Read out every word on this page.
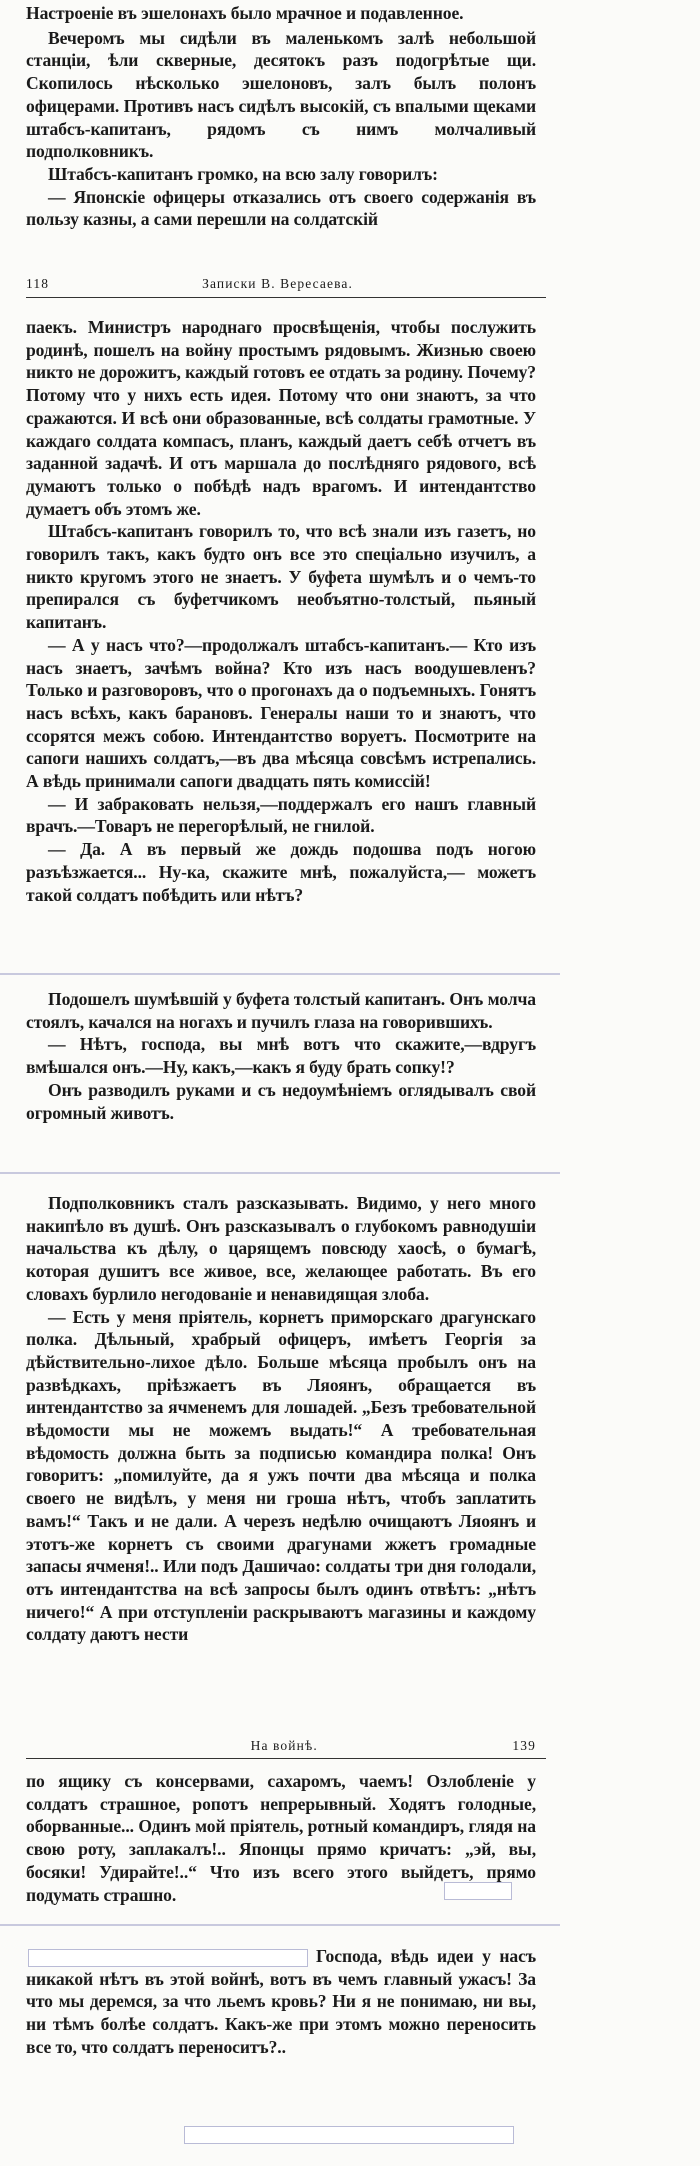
Настроеніе въ эшелонахъ было мрачное и подавленное.

Вечеромъ мы сидѣли въ маленькомъ залѣ небольшой станціи, ѣли скверные, десятокъ разъ подогрѣтые щи. Скопилось нѣсколько эшелоновъ, залъ былъ полонъ офицерами. Противъ насъ сидѣлъ высокій, съ впалыми щеками штабсъ-капитанъ, рядомъ съ нимъ молчаливый подполковникъ.

Штабсъ-капитанъ громко, на всю залу говорилъ:

— Японскіе офицеры отказались отъ своего содержанія въ пользу казны, а сами перешли на солдатскій

118	Записки В. Вересаева.

паекъ. Министръ народнаго просвѣщенія, чтобы послужить родинѣ, пошелъ на войну простымъ рядовымъ. Жизнью своею никто не дорожитъ, каждый готовъ ее отдать за родину. Почему? Потому что у нихъ есть идея. Потому что они знаютъ, за что сражаются. И всѣ они образованные, всѣ солдаты грамотные. У каждаго солдата компасъ, планъ, каждый даетъ себѣ отчетъ въ заданной задачѣ. И отъ маршала до послѣдняго рядового, всѣ думаютъ только о побѣдѣ надъ врагомъ. И интендантство думаетъ объ этомъ же.

Штабсъ-капитанъ говорилъ то, что всѣ знали изъ газетъ, но говорилъ такъ, какъ будто онъ все это спеціально изучилъ, а никто кругомъ этого не знаетъ. У буфета шумѣлъ и о чемъ-то препирался съ буфетчикомъ необъятно-толстый, пьяный капитанъ.

— А у насъ что?—продолжалъ штабсъ-капитанъ.— Кто изъ насъ знаетъ, зачѣмъ война? Кто изъ насъ воодушевленъ? Только и разговоровъ, что о прогонахъ да о подъемныхъ. Гонятъ насъ всѣхъ, какъ барановъ. Генералы наши то и знаютъ, что ссорятся межъ собою. Интендантство воруетъ. Посмотрите на сапоги нашихъ солдатъ,—въ два мѣсяца совсѣмъ истрепались. А вѣдь принимали сапоги двадцать пять комиссій!

— И забраковать нельзя,—поддержалъ его нашъ главный врачъ.—Товаръ не перегорѣлый, не гнилой.

— Да. А въ первый же дождь подошва подъ ногою разъѣзжается... Ну-ка, скажите мнѣ, пожалуйста,— можетъ такой солдатъ побѣдить или нѣтъ?

Подошелъ шумѣвшій у буфета толстый капитанъ. Онъ молча стоялъ, качался на ногахъ и пучилъ глаза на говорившихъ.

— Нѣтъ, господа, вы мнѣ вотъ что скажите,—вдругъ вмѣшался онъ.—Ну, какъ,—какъ я буду брать сопку!?

Онъ разводилъ руками и съ недоумѣніемъ оглядывалъ свой огромный животъ.

Подполковникъ сталъ разсказывать. Видимо, у него много накипѣло въ душѣ. Онъ разсказывалъ о глубокомъ равнодушіи начальства къ дѣлу, о царящемъ повсюду хаосѣ, о бумагѣ, которая душитъ все живое, все, желающее работать. Въ его словахъ бурлило негодованіе и ненавидящая злоба.

— Есть у меня пріятель, корнетъ приморскаго драгунскаго полка. Дѣльный, храбрый офицеръ, имѣетъ Георгія за дѣйствительно-лихое дѣло. Больше мѣсяца пробылъ онъ на развѣдкахъ, пріѣзжаетъ въ Ляоянъ, обращается въ интендантство за ячменемъ для лошадей. „Безъ требовательной вѣдомости мы не можемъ выдать!“ А требовательная вѣдомость должна быть за подписью командира полка! Онъ говоритъ: „помилуйте, да я ужъ почти два мѣсяца и полка своего не видѣлъ, у меня ни гроша нѣтъ, чтобъ заплатить вамъ!“ Такъ и не дали. А черезъ недѣлю очищаютъ Ляоянъ и этотъ-же корнетъ съ своими драгунами жжетъ громадные запасы ячменя!.. Или подъ Дашичао: солдаты три дня голодали, отъ интендантства на всѣ запросы былъ одинъ отвѣтъ: „нѣтъ ничего!“ А при отступленіи раскрываютъ магазины и каждому солдату даютъ нести

На войнѣ.	139

по ящику съ консервами, сахаромъ, чаемъ! Озлобленіе у солдатъ страшное, ропотъ непрерывный. Ходятъ голодные, оборванные... Одинъ мой пріятель, ротный командиръ, глядя на свою роту, заплакалъ!.. Японцы прямо кричатъ: „эй, вы, босяки! Удирайте!..“ Что изъ всего этого выйдетъ, прямо подумать страшно.

Господа, вѣдь идеи у насъ никакой нѣтъ въ этой войнѣ, вотъ въ чемъ главный ужасъ! За что мы деремся, за что льемъ кровь? Ни я не понимаю, ни вы, ни тѣмъ болѣе солдатъ. Какъ-же при этомъ можно переносить все то, что солдатъ переноситъ?..
